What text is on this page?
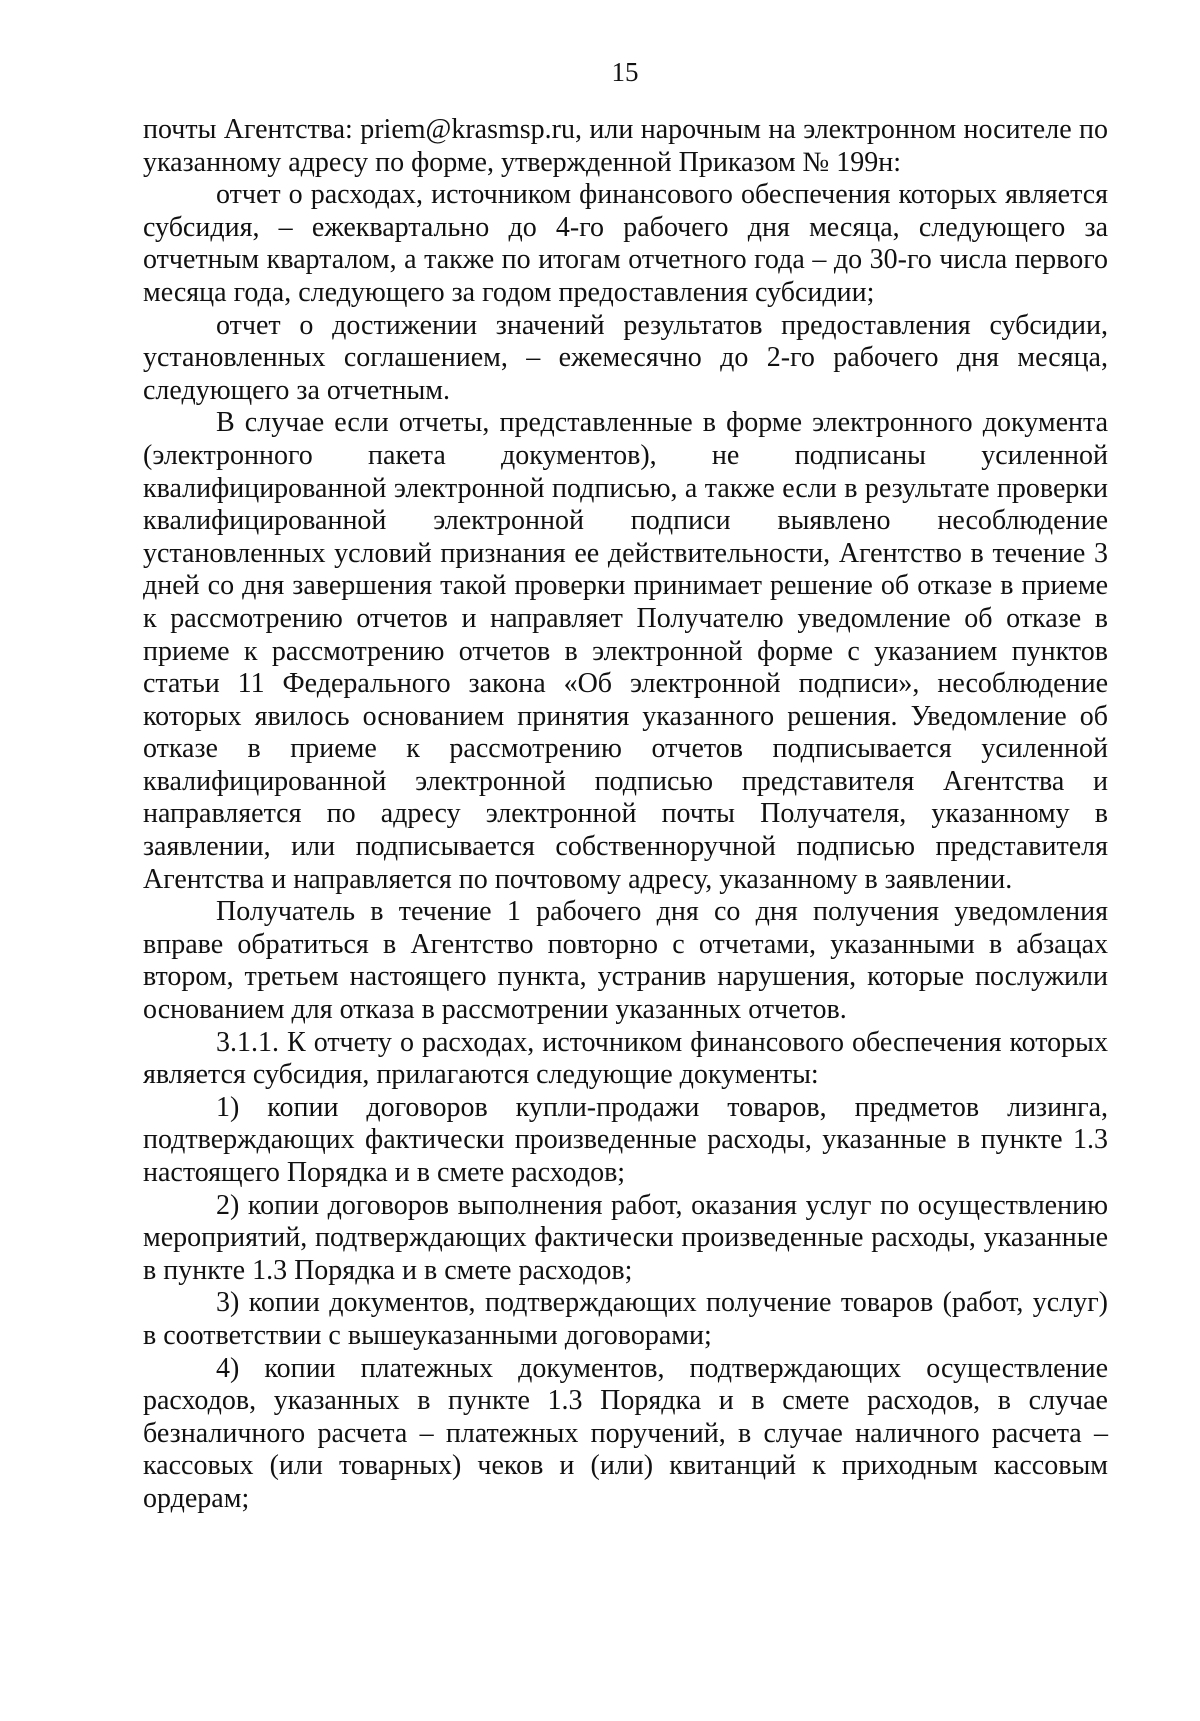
15

почты Агентства: priem@krasmsp.ru, или нарочным на электронном носителе по указанному адресу по форме, утвержденной Приказом № 199н:

отчет о расходах, источником финансового обеспечения которых является субсидия, – ежеквартально до 4-го рабочего дня месяца, следующего за отчетным кварталом, а также по итогам отчетного года – до 30-го числа первого месяца года, следующего за годом предоставления субсидии;

отчет о достижении значений результатов предоставления субсидии, установленных соглашением, – ежемесячно до 2-го рабочего дня месяца, следующего за отчетным.

В случае если отчеты, представленные в форме электронного документа (электронного пакета документов), не подписаны усиленной квалифицированной электронной подписью, а также если в результате проверки квалифицированной электронной подписи выявлено несоблюдение установленных условий признания ее действительности, Агентство в течение 3 дней со дня завершения такой проверки принимает решение об отказе в приеме к рассмотрению отчетов и направляет Получателю уведомление об отказе в приеме к рассмотрению отчетов в электронной форме с указанием пунктов статьи 11 Федерального закона «Об электронной подписи», несоблюдение которых явилось основанием принятия указанного решения. Уведомление об отказе в приеме к рассмотрению отчетов подписывается усиленной квалифицированной электронной подписью представителя Агентства и направляется по адресу электронной почты Получателя, указанному в заявлении, или подписывается собственноручной подписью представителя Агентства и направляется по почтовому адресу, указанному в заявлении.

Получатель в течение 1 рабочего дня со дня получения уведомления вправе обратиться в Агентство повторно с отчетами, указанными в абзацах втором, третьем настоящего пункта, устранив нарушения, которые послужили основанием для отказа в рассмотрении указанных отчетов.

3.1.1. К отчету о расходах, источником финансового обеспечения которых является субсидия, прилагаются следующие документы:

1) копии договоров купли-продажи товаров, предметов лизинга, подтверждающих фактически произведенные расходы, указанные в пункте 1.3 настоящего Порядка и в смете расходов;

2) копии договоров выполнения работ, оказания услуг по осуществлению мероприятий, подтверждающих фактически произведенные расходы, указанные в пункте 1.3 Порядка и в смете расходов;

3) копии документов, подтверждающих получение товаров (работ, услуг) в соответствии с вышеуказанными договорами;

4) копии платежных документов, подтверждающих осуществление расходов, указанных в пункте 1.3 Порядка и в смете расходов, в случае безналичного расчета – платежных поручений, в случае наличного расчета – кассовых (или товарных) чеков и (или) квитанций к приходным кассовым ордерам;
